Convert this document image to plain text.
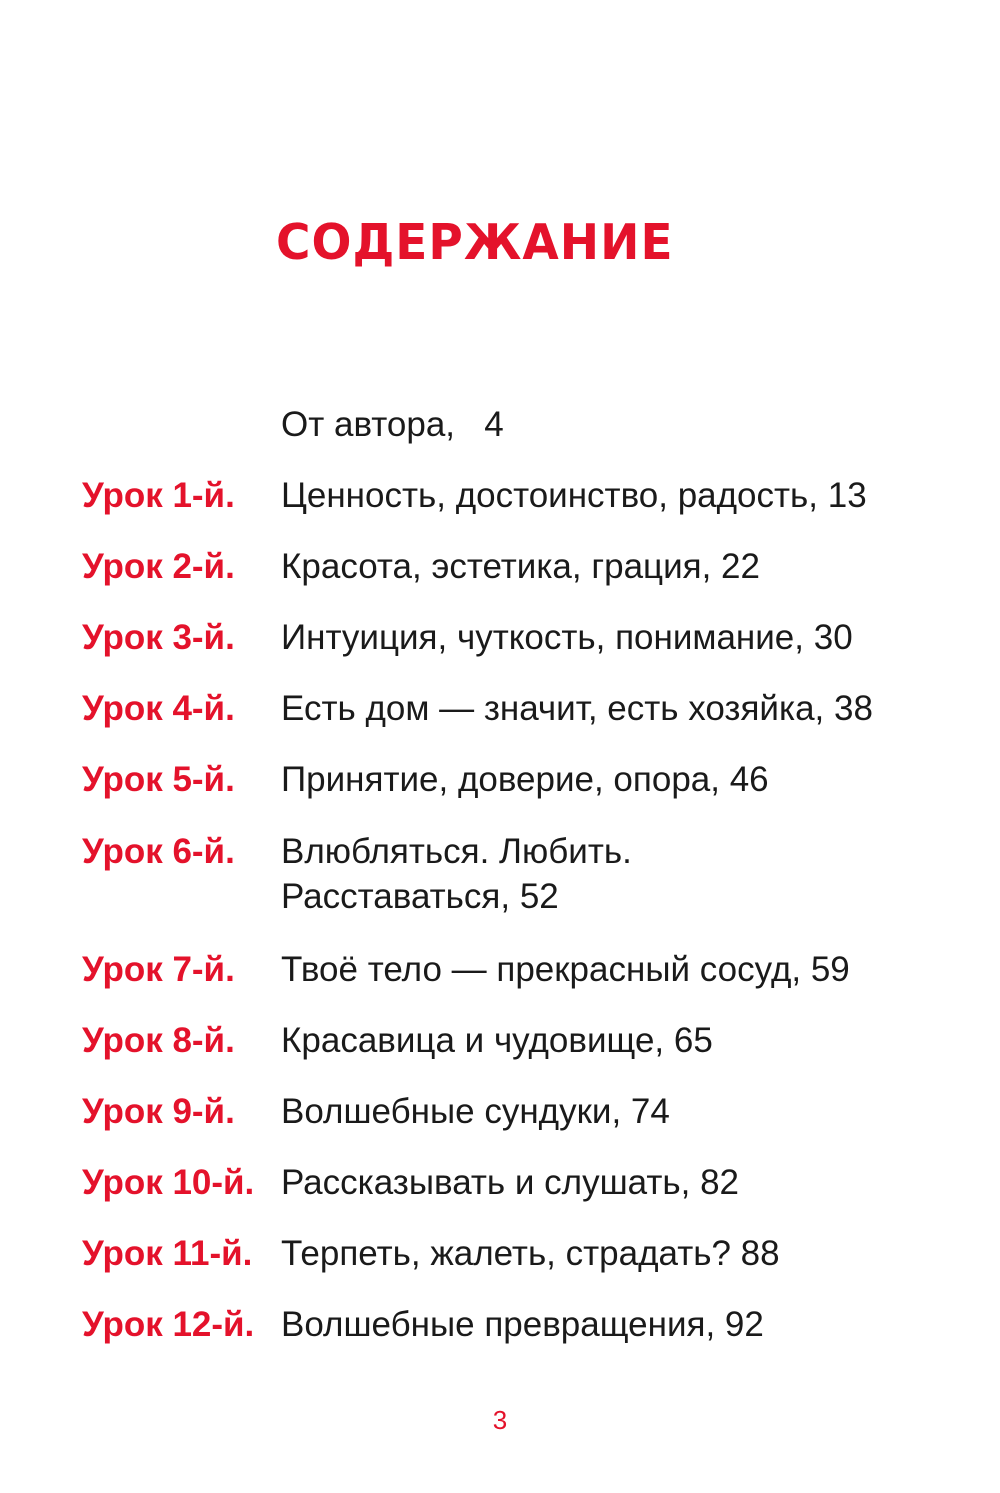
СОДЕРЖАНИЕ
От автора,   4
Урок 1-й. Ценность, достоинство, радость, 13
Урок 2-й. Красота, эстетика, грация, 22
Урок 3-й. Интуиция, чуткость, понимание, 30
Урок 4-й. Есть дом — значит, есть хозяйка, 38
Урок 5-й. Принятие, доверие, опора, 46
Урок 6-й. Влюбляться. Любить.
Расставаться, 52
Урок 7-й. Твоё тело — прекрасный сосуд, 59
Урок 8-й. Красавица и чудовище, 65
Урок 9-й. Волшебные сундуки, 74
Урок 10-й. Рассказывать и слушать, 82
Урок 11-й. Терпеть, жалеть, страдать? 88
Урок 12-й. Волшебные превращения, 92
3
